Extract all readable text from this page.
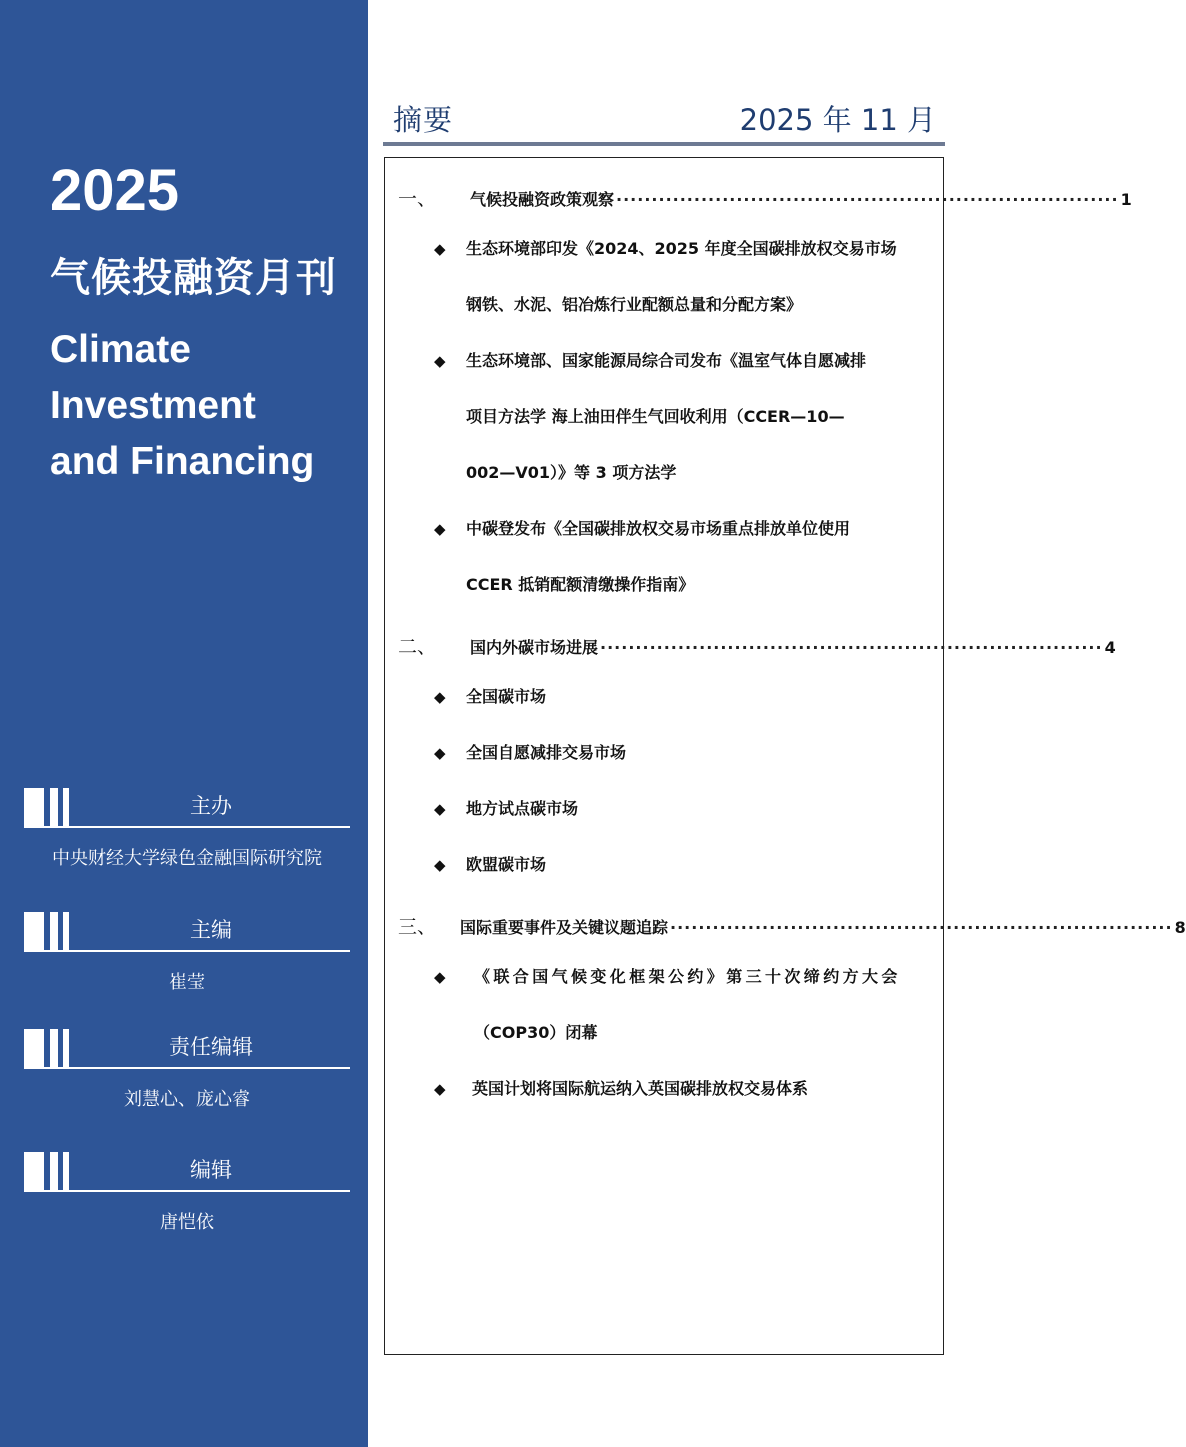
2025
气候投融资月刊
Climate
Investment
and Financing
主办
中央财经大学绿色金融国际研究院
主编
崔莹
责任编辑
刘慧心、庞心睿
编辑
唐恺依
摘要	2025 年 11 月
一、	气候投融资政策观察 ······································································· 1
◆ 生态环境部印发《2024、2025 年度全国碳排放权交易市场
钢铁、水泥、铝冶炼行业配额总量和分配方案》
◆ 生态环境部、国家能源局综合司发布《温室气体自愿减排
项目方法学 海上油田伴生气回收利用（CCER—10—
002—V01）》等 3 项方法学
◆ 中碳登发布《全国碳排放权交易市场重点排放单位使用
CCER 抵销配额清缴操作指南》
二、	国内外碳市场进展 ······································································· 4
◆ 全国碳市场
◆ 全国自愿减排交易市场
◆ 地方试点碳市场
◆ 欧盟碳市场
三、	国际重要事件及关键议题追踪 ······································································· 8
◆ 《联合国气候变化框架公约》第三十次缔约方大会
（COP30）闭幕
◆ 英国计划将国际航运纳入英国碳排放权交易体系
